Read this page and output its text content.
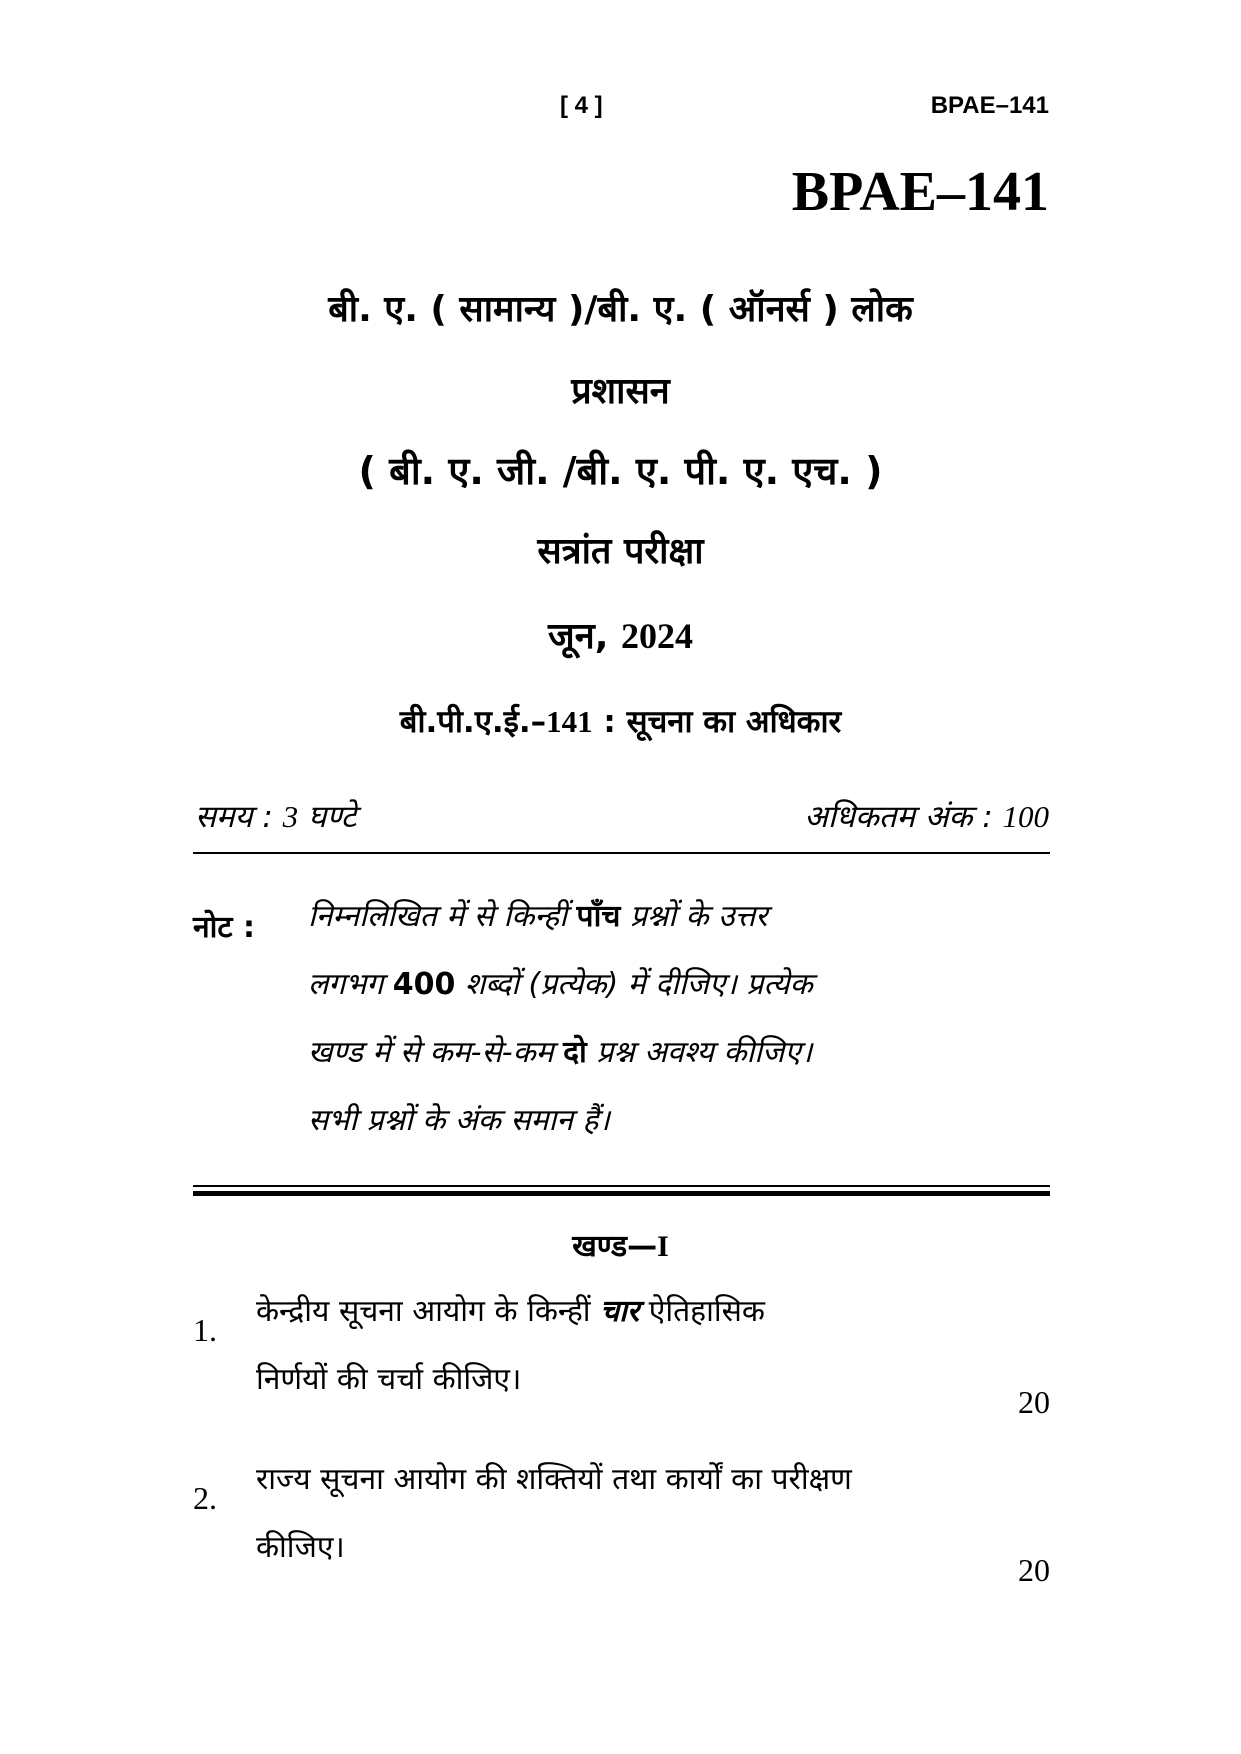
[ 4 ]	BPAE–141
BPAE–141
बी. ए. ( सामान्य )/बी. ए. ( ऑनर्स ) लोक
प्रशासन
( बी. ए. जी. /बी. ए. पी. ए. एच. )
सत्रांत परीक्षा
जून, 2024
बी.पी.ए.ई.–141 : सूचना का अधिकार
समय : 3 घण्टे	अधिकतम अंक : 100
नोट : निम्नलिखित में से किन्हीं पाँच प्रश्नों के उत्तर
लगभग 400 शब्दों (प्रत्येक) में दीजिए। प्रत्येक
खण्ड में से कम-से-कम दो प्रश्न अवश्य कीजिए।
सभी प्रश्नों के अंक समान हैं।
खण्ड—I
1.
केन्द्रीय सूचना आयोग के किन्हीं चार ऐतिहासिक
निर्णयों की चर्चा कीजिए।
20
2.
राज्य सूचना आयोग की शक्तियों तथा कार्यों का परीक्षण
कीजिए।
20
